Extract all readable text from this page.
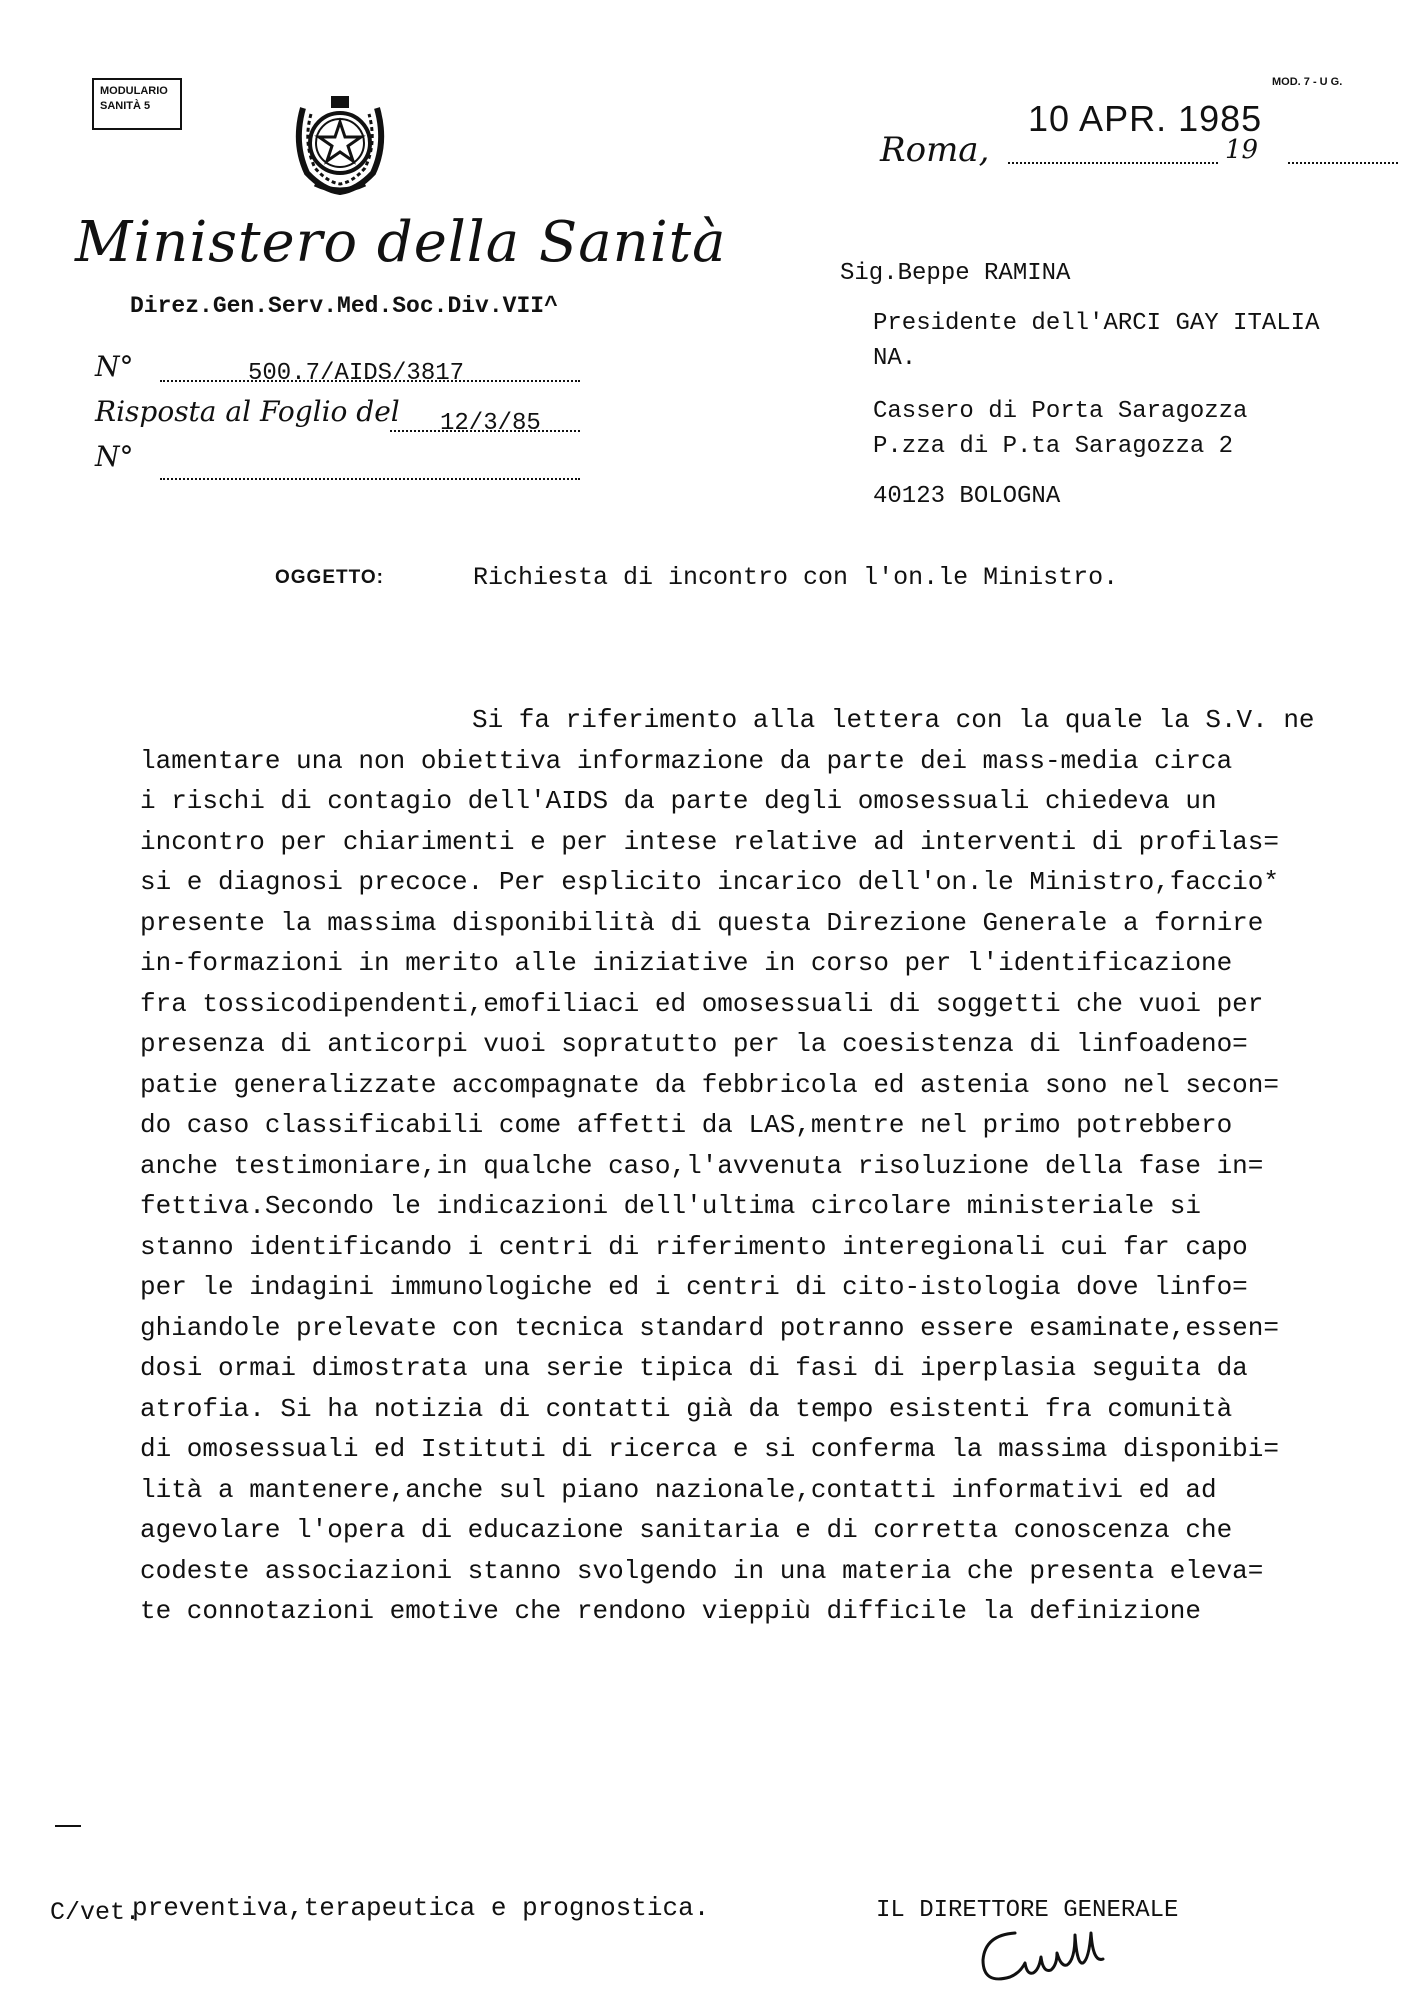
MODULARIO
SANITÀ 5
MOD. 7 - U G.
Ministero della Sanità
Direz.Gen.Serv.Med.Soc.Div.VII^
N°	500.7/AIDS/3817
Risposta al Foglio del 12/3/85
N°
Roma,
10 APR. 1985
19
Sig.Beppe RAMINA
Presidente dell'ARCI GAY ITALIA
NA.
Cassero di Porta Saragozza
P.zza di P.ta Saragozza 2
40123 BOLOGNA
OGGETTO:	Richiesta di incontro con l'on.le Ministro.
Si fa riferimento alla lettera con la quale la S.V. ne
lamentare una non obiettiva informazione da parte dei mass-media circa
i rischi di contagio dell'AIDS da parte degli omosessuali chiedeva un
incontro per chiarimenti e per intese relative ad interventi di profilas=
si e diagnosi precoce. Per esplicito incarico dell'on.le Ministro,faccio*
presente la massima disponibilità di questa Direzione Generale a fornire
in-formazioni in merito alle iniziative in corso per l'identificazione
fra tossicodipendenti,emofiliaci ed omosessuali di soggetti che vuoi per
presenza di anticorpi vuoi sopratutto per la coesistenza di linfoadeno=
patie generalizzate accompagnate da febbricola ed astenia sono nel secon=
do caso classificabili come affetti da LAS,mentre nel primo potrebbero
anche testimoniare,in qualche caso,l'avvenuta risoluzione della fase in=
fettiva.Secondo le indicazioni dell'ultima circolare ministeriale si
stanno identificando i centri di riferimento interegionali cui far capo
per le indagini immunologiche ed i centri di cito-istologia dove linfo=
ghiandole prelevate con tecnica standard potranno essere esaminate,essen=
dosi ormai dimostrata una serie tipica di fasi di iperplasia seguita da
atrofia. Si ha notizia di contatti già da tempo esistenti fra comunità
di omosessuali ed Istituti di ricerca e si conferma la massima disponibi=
lità a mantenere,anche sul piano nazionale,contatti informativi ed ad
agevolare l'opera di educazione sanitaria e di corretta conoscenza che
codeste associazioni stanno svolgendo in una materia che presenta eleva=
te connotazioni emotive che rendono vieppiù difficile la definizione
C/vet.
preventiva,terapeutica e prognostica.	IL DIRETTORE GENERALE
